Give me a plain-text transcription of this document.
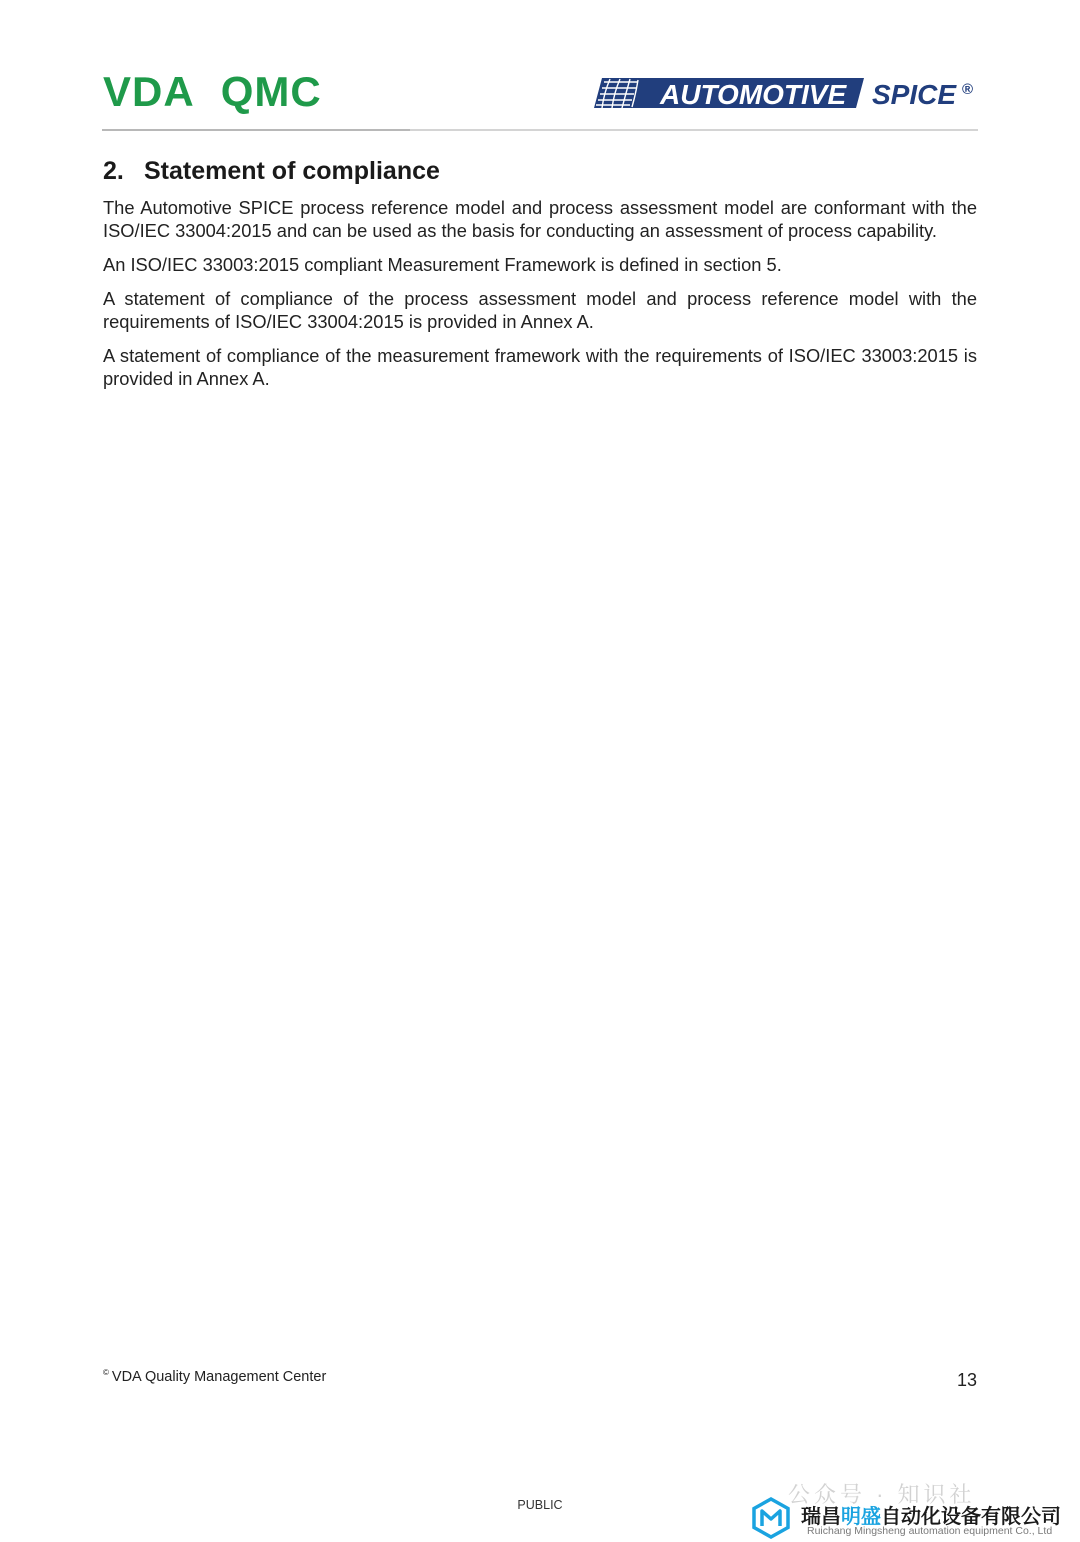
VDA QMC	AUTOMOTIVE SPICE ®
2. Statement of compliance

The Automotive SPICE process reference model and process assessment model are conformant with the ISO/IEC 33004:2015 and can be used as the basis for conducting an assessment of process capability.

An ISO/IEC 33003:2015 compliant Measurement Framework is defined in section 5.

A statement of compliance of the process assessment model and process reference model with the requirements of ISO/IEC 33004:2015 is provided in Annex A.

A statement of compliance of the measurement framework with the requirements of ISO/IEC 33003:2015 is provided in Annex A.

© VDA Quality Management Center	13
PUBLIC	公众号 · 知识社
瑞昌明盛自动化设备有限公司
Ruichang Mingsheng automation equipment Co., Ltd
